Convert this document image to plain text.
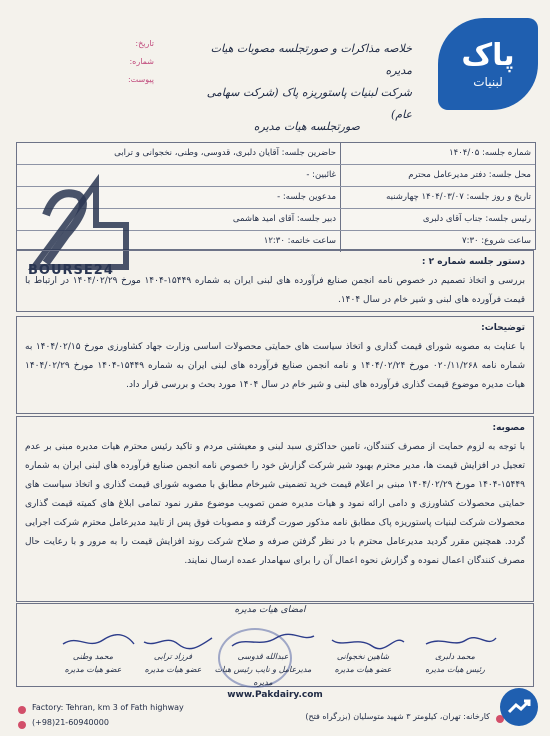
پاک
لبنیات
خلاصه مذاکرات و صورتجلسه مصوبات هیات مدیره
شرکت لبنیات پاستوریزه پاک (شرکت سهامی عام)
صورتجلسه هیات مدیره
تاریخ:
شماره:
پیوست:
شماره جلسه: ۱۴۰۴/۰۵
حاضرین جلسه: آقایان دلبری، قدوسی، وطنی، نخجوانی و ترابی
محل جلسه: دفتر مدیرعامل محترم
غائبین: -
تاریخ و روز جلسه: ۱۴۰۴/۰۳/۰۷ چهارشنبه
مدعوین جلسه: -
رئیس جلسه: جناب آقای دلبری
دبیر جلسه: آقای امید هاشمی
ساعت شروع: ۷:۳۰
ساعت خاتمه: ۱۲:۳۰
BOURSE24
دستور جلسه شماره ۲ :
بررسی و اتخاذ تصمیم در خصوص نامه انجمن صنایع فرآورده های لبنی ایران به شماره ۱۵۴۴۹-۱۴۰۴ مورخ ۱۴۰۴/۰۲/۲۹ در ارتباط با قیمت فرآورده های لبنی و شیر خام در سال ۱۴۰۴.
توضیحات:
با عنایت به مصوبه شورای قیمت گذاری و اتخاذ سیاست های حمایتی محصولات اساسی وزارت جهاد کشاورزی مورخ ۱۴۰۴/۰۲/۱۵ به شماره نامه ۰۲۰/۱۱/۲۶۸ مورخ ۱۴۰۴/۰۲/۲۴ و نامه انجمن صنایع فرآورده های لبنی ایران به شماره ۱۵۴۴۹-۱۴۰۴ مورخ ۱۴۰۴/۰۲/۲۹ هیات مدیره موضوع قیمت گذاری فرآورده های لبنی و شیر خام در سال ۱۴۰۴ مورد بحث و بررسی قرار داد.
مصوبه:
با توجه به لزوم حمایت از مصرف کنندگان، تامین حداکثری سبد لبنی و معیشتی مردم و تاکید رئیس محترم هیات مدیره مبنی بر عدم تعجیل در افزایش قیمت ها، مدیر محترم بهبود شیر شرکت گزارش خود را خصوص نامه انجمن صنایع فرآورده های لبنی ایران به شماره ۱۵۴۴۹-۱۴۰۴ مورخ ۱۴۰۴/۰۲/۲۹ مبنی بر اعلام قیمت خرید تضمینی شیرخام مطابق با مصوبه شورای قیمت گذاری و اتخاذ سیاست های حمایتی محصولات کشاورزی و دامی ارائه نمود و هیات مدیره ضمن تصویب موضوع مقرر نمود تمامی ابلاغ های کمیته قیمت گذاری محصولات شرکت لبنیات پاستوریزه پاک مطابق نامه مذکور صورت گرفته و مصوبات فوق پس از تایید مدیرعامل محترم شرکت اجرایی گردد. همچنین مقرر گردید مدیرعامل محترم با در نظر گرفتن صرفه و صلاح شرکت روند افزایش قیمت را به مرور و با رعایت حال مصرف کنندگان اعمال نموده و گزارش نحوه اعمال آن را برای سهامدار عمده ارسال نمایند.
امضای هیات مدیره
محمد وطنی
عضو هیات مدیره
فرزاد ترابی
عضو هیات مدیره
عبدالله قدوسی
مدیرعامل و نایب رئیس هیات مدیره
شاهین نخجوانی
عضو هیات مدیره
محمد دلبری
رئیس هیات مدیره
www.Pakdairy.com
Factory: Tehran, km 3 of Fath highway
(+98)21-60940000
کارخانه: تهران، کیلومتر ۳ شهید متوسلیان (بزرگراه فتح)
